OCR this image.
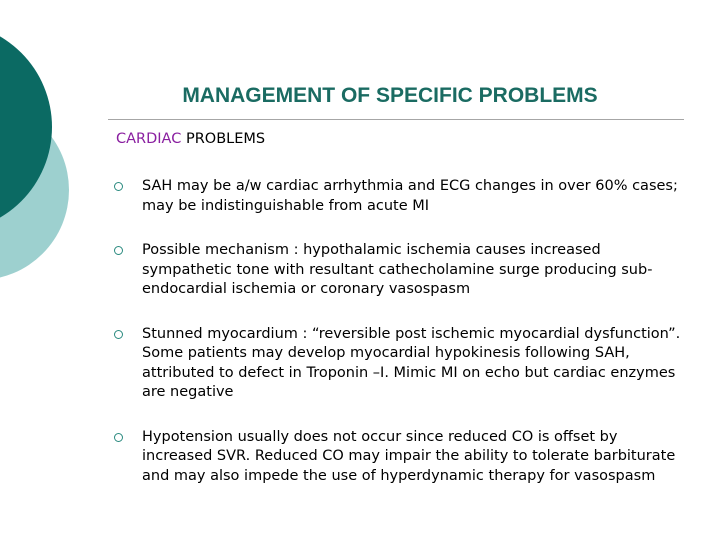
MANAGEMENT OF SPECIFIC PROBLEMS
CARDIAC PROBLEMS
SAH may be a/w cardiac arrhythmia and ECG changes in over 60% cases; may be indistinguishable from acute MI
Possible mechanism : hypothalamic ischemia causes increased sympathetic tone with resultant cathecholamine surge producing sub-endocardial ischemia or coronary vasospasm
Stunned myocardium : “reversible post ischemic myocardial dysfunction”. Some patients may develop myocardial hypokinesis following SAH, attributed to defect in Troponin –I. Mimic MI on echo but cardiac enzymes are negative
Hypotension usually does not occur since reduced CO is offset by increased SVR. Reduced CO may impair the ability to tolerate barbiturate and may also impede the use of hyperdynamic therapy for vasospasm
